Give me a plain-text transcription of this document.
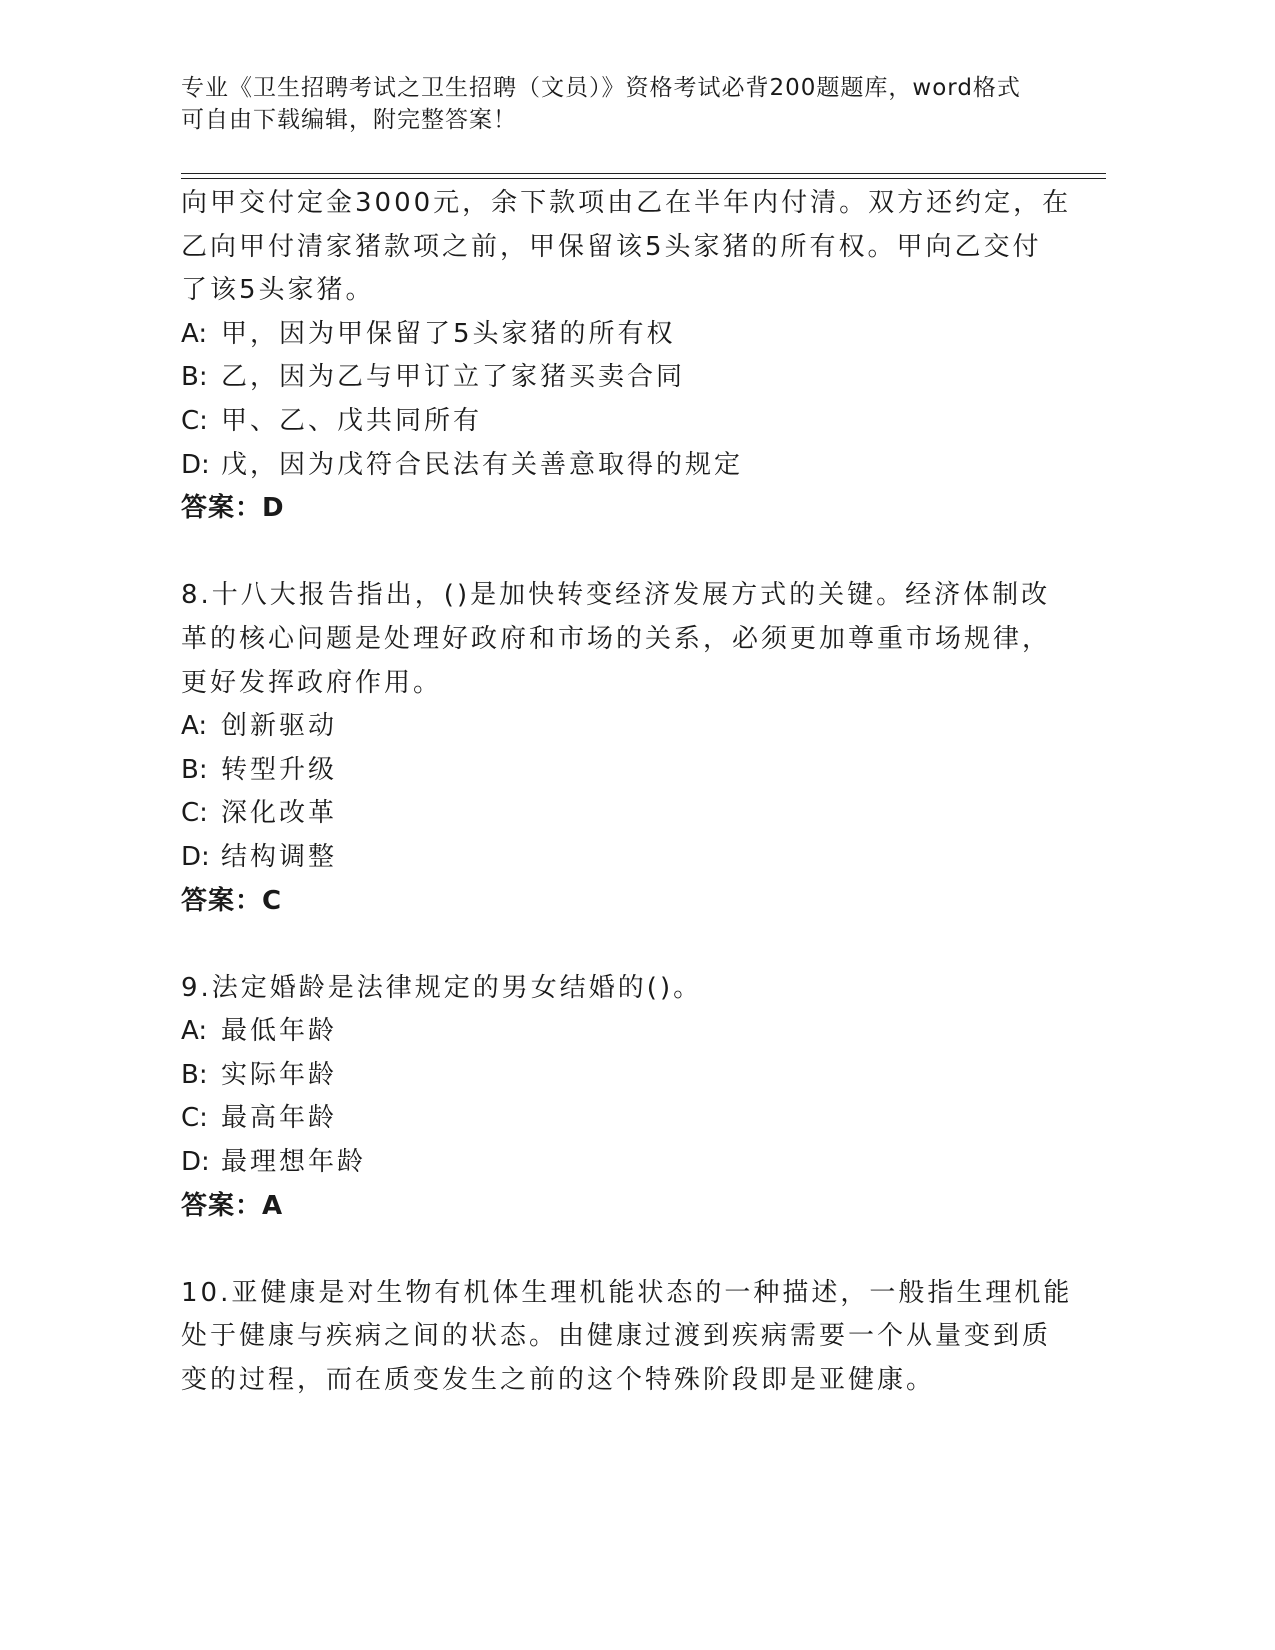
专业《卫生招聘考试之卫生招聘（文员）》资格考试必背200题题库，word格式
可自由下载编辑，附完整答案！
向甲交付定金3000元，余下款项由乙在半年内付清。双方还约定，在
乙向甲付清家猪款项之前，甲保留该5头家猪的所有权。甲向乙交付
了该5头家猪。
A: 甲，因为甲保留了5头家猪的所有权
B: 乙，因为乙与甲订立了家猪买卖合同
C: 甲、乙、戊共同所有
D: 戊，因为戊符合民法有关善意取得的规定
答案：D
8.十八大报告指出，()是加快转变经济发展方式的关键。经济体制改
革的核心问题是处理好政府和市场的关系，必须更加尊重市场规律，
更好发挥政府作用。
A: 创新驱动
B: 转型升级
C: 深化改革
D: 结构调整
答案：C
9.法定婚龄是法律规定的男女结婚的()。
A: 最低年龄
B: 实际年龄
C: 最高年龄
D: 最理想年龄
答案：A
10.亚健康是对生物有机体生理机能状态的一种描述，一般指生理机能
处于健康与疾病之间的状态。由健康过渡到疾病需要一个从量变到质
变的过程，而在质变发生之前的这个特殊阶段即是亚健康。
